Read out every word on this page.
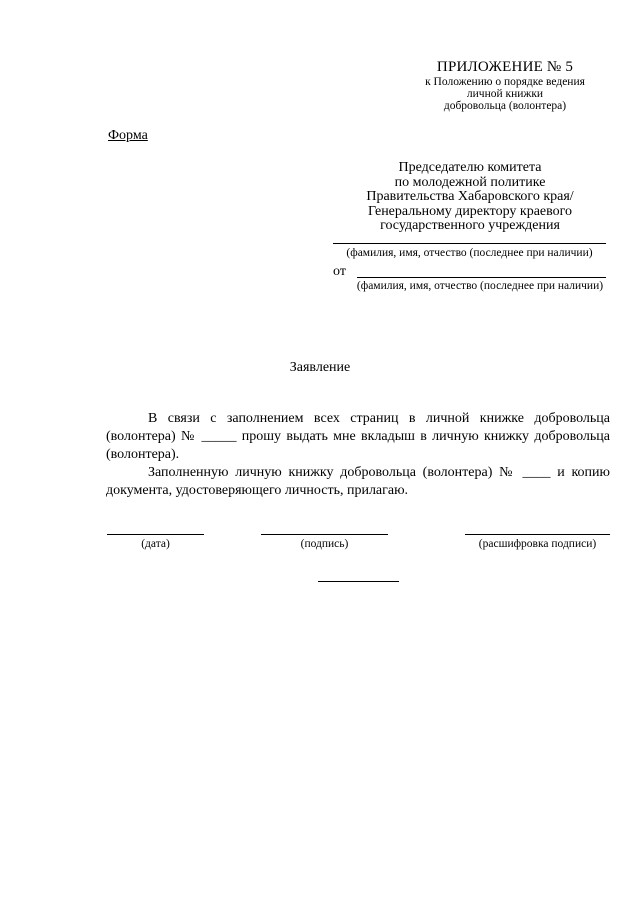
ПРИЛОЖЕНИЕ № 5
к Положению о порядке ведения
личной книжки
добровольца (волонтера)
Форма
Председателю комитета
по молодежной политике
Правительства Хабаровского края/
Генеральному директору краевого
государственного учреждения
(фамилия, имя, отчество (последнее при наличии)
от
(фамилия, имя, отчество (последнее при наличии)
Заявление

В связи с заполнением всех страниц в личной книжке добровольца (волонтера) № _____ прошу выдать мне вкладыш в личную книжку добровольца (волонтера).

Заполненную личную книжку добровольца (волонтера) № ____ и копию документа, удостоверяющего личность, прилагаю.

(дата)	(подпись)	(расшифровка подписи)
